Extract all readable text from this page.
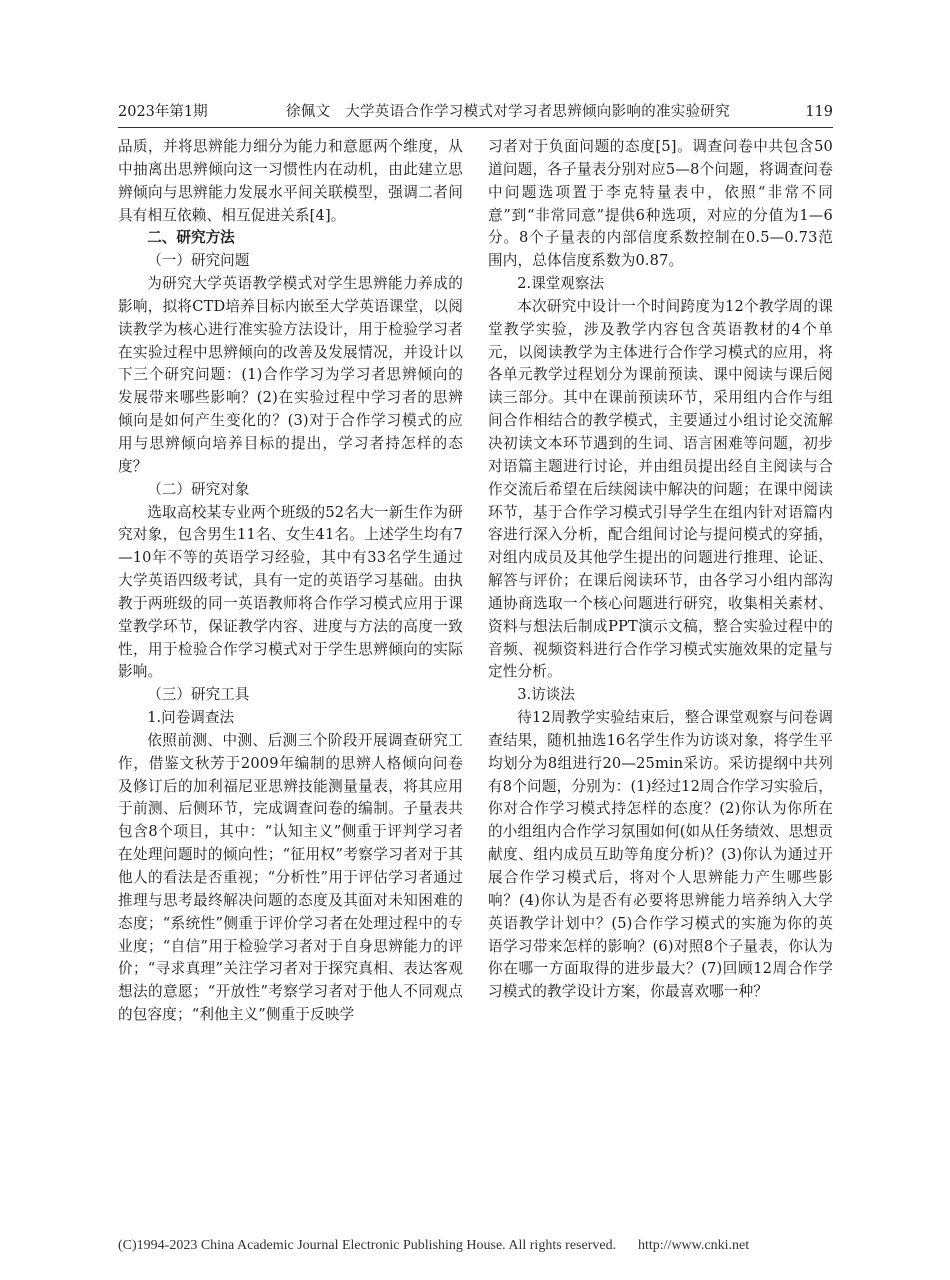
2023年第1期	徐佩文　大学英语合作学习模式对学习者思辨倾向影响的准实验研究	119

品质，并将思辨能力细分为能力和意愿两个维度，从中抽离出思辨倾向这一习惯性内在动机，由此建立思辨倾向与思辨能力发展水平间关联模型，强调二者间具有相互依赖、相互促进关系[4]。

二、研究方法
（一）研究问题

为研究大学英语教学模式对学生思辨能力养成的影响，拟将CTD培养目标内嵌至大学英语课堂，以阅读教学为核心进行准实验方法设计，用于检验学习者在实验过程中思辨倾向的改善及发展情况，并设计以下三个研究问题：(1)合作学习为学习者思辨倾向的发展带来哪些影响？(2)在实验过程中学习者的思辨倾向是如何产生变化的？(3)对于合作学习模式的应用与思辨倾向培养目标的提出，学习者持怎样的态度？

（二）研究对象

选取高校某专业两个班级的52名大一新生作为研究对象，包含男生11名、女生41名。上述学生均有7—10年不等的英语学习经验，其中有33名学生通过大学英语四级考试，具有一定的英语学习基础。由执教于两班级的同一英语教师将合作学习模式应用于课堂教学环节，保证教学内容、进度与方法的高度一致性，用于检验合作学习模式对于学生思辨倾向的实际影响。

（三）研究工具
1.问卷调查法

依照前测、中测、后测三个阶段开展调查研究工作，借鉴文秋芳于2009年编制的思辨人格倾向问卷及修订后的加利福尼亚思辨技能测量量表，将其应用于前测、后侧环节，完成调查问卷的编制。子量表共包含8个项目，其中：“认知主义”侧重于评判学习者在处理问题时的倾向性；“征用权”考察学习者对于其他人的看法是否重视；“分析性”用于评估学习者通过推理与思考最终解决问题的态度及其面对未知困难的态度；“系统性”侧重于评价学习者在处理过程中的专业度；“自信”用于检验学习者对于自身思辨能力的评价；“寻求真理”关注学习者对于探究真相、表达客观想法的意愿；“开放性”考察学习者对于他人不同观点的包容度；“利他主义”侧重于反映学

习者对于负面问题的态度[5]。调查问卷中共包含50道问题，各子量表分别对应5—8个问题，将调查问卷中问题选项置于李克特量表中，依照“非常不同意”到“非常同意”提供6种选项，对应的分值为1—6分。8个子量表的内部信度系数控制在0.5—0.73范围内，总体信度系数为0.87。

2.课堂观察法

本次研究中设计一个时间跨度为12个教学周的课堂教学实验，涉及教学内容包含英语教材的4个单元，以阅读教学为主体进行合作学习模式的应用，将各单元教学过程划分为课前预读、课中阅读与课后阅读三部分。其中在课前预读环节，采用组内合作与组间合作相结合的教学模式，主要通过小组讨论交流解决初读文本环节遇到的生词、语言困难等问题，初步对语篇主题进行讨论，并由组员提出经自主阅读与合作交流后希望在后续阅读中解决的问题；在课中阅读环节，基于合作学习模式引导学生在组内针对语篇内容进行深入分析，配合组间讨论与提问模式的穿插，对组内成员及其他学生提出的问题进行推理、论证、解答与评价；在课后阅读环节，由各学习小组内部沟通协商选取一个核心问题进行研究，收集相关素材、资料与想法后制成PPT演示文稿，整合实验过程中的音频、视频资料进行合作学习模式实施效果的定量与定性分析。

3.访谈法

待12周教学实验结束后，整合课堂观察与问卷调查结果，随机抽选16名学生作为访谈对象，将学生平均划分为8组进行20—25min采访。采访提纲中共列有8个问题，分别为：(1)经过12周合作学习实验后，你对合作学习模式持怎样的态度？(2)你认为你所在的小组组内合作学习氛围如何(如从任务绩效、思想贡献度、组内成员互助等角度分析)？(3)你认为通过开展合作学习模式后，将对个人思辨能力产生哪些影响？(4)你认为是否有必要将思辨能力培养纳入大学英语教学计划中？(5)合作学习模式的实施为你的英语学习带来怎样的影响？(6)对照8个子量表，你认为你在哪一方面取得的进步最大？(7)回顾12周合作学习模式的教学设计方案，你最喜欢哪一种？

(C)1994-2023 China Academic Journal Electronic Publishing House. All rights reserved. http://www.cnki.net
